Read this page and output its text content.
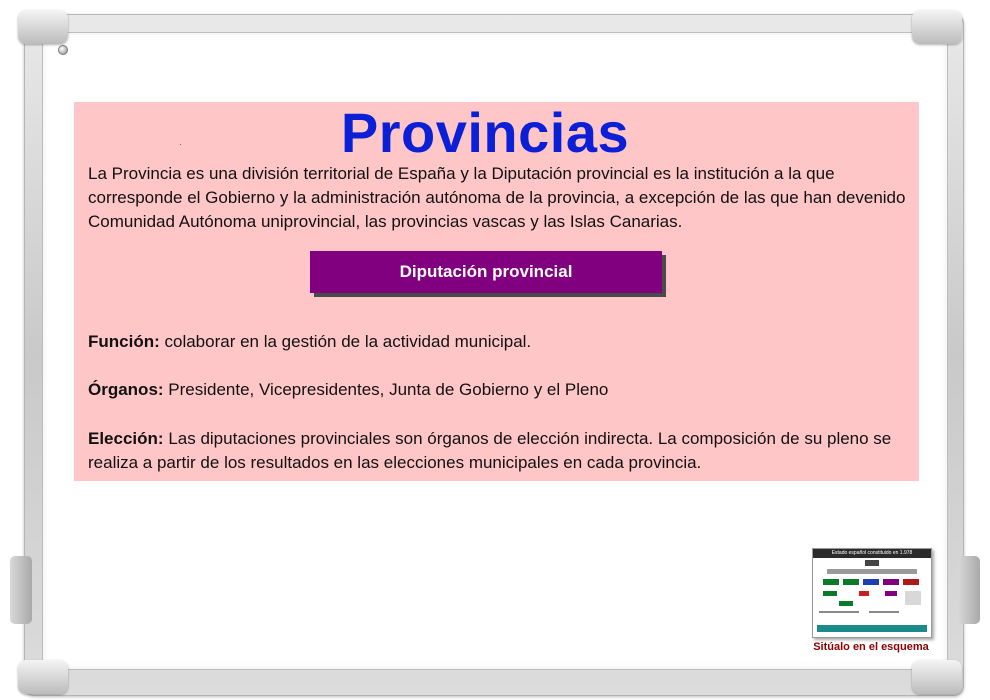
Provincias

La Provincia es una división territorial de España y la Diputación provincial es la institución a la que corresponde el Gobierno y la administración autónoma de la provincia, a excepción de las que han devenido Comunidad Autónoma uniprovincial, las provincias vascas y las Islas Canarias.

Diputación provincial

Función: colaborar en la gestión de la actividad municipal.

Órganos: Presidente, Vicepresidentes, Junta de Gobierno y el Pleno

Elección: Las diputaciones provinciales son órganos de elección indirecta. La composición de su pleno se realiza a partir de los resultados en las elecciones municipales en cada provincia.

Estado español constituido en 1.978
Sitúalo en el esquema
